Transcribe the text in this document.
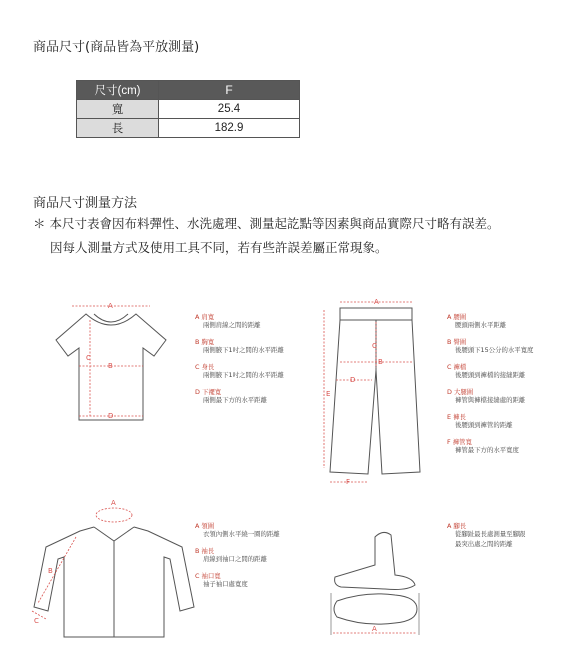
商品尺寸(商品皆為平放測量)
尺寸(cm)	F
寬	25.4
長	182.9
商品尺寸測量方法
＊ 本尺寸表會因布料彈性、水洗處理、測量起訖點等因素與商品實際尺寸略有誤差。
因每人測量方式及使用工具不同，若有些許誤差屬正常現象。
A
B
C
D
A 肩寬
兩側肩線之間的距離
B 胸寬
兩側腋下1吋之間的水平距離
C 身長
兩側腋下1吋之間的水平距離
D 下襬寬
兩側最下方的水平距離
A
B
C
D
E
F
A 腰圍
腰頭兩側水平距離
B 臀圍
後腰頭下15公分的水平寬度
C 褲檔
後腰頭到褲檔的接縫距離
D 大腿圍
褲管與褲檔接縫處的距離
E 褲長
後腰頭到褲管的距離
F 褲管寬
褲管最下方的水平寬度
A
B
C
A 領圍
衣領內側水平繞一圈的距離
B 袖長
肩線到袖口之間的距離
C 袖口寬
袖子袖口處寬度
A
A 腳長
從腳趾最長處測量至腳跟
最突出處之間的距離
